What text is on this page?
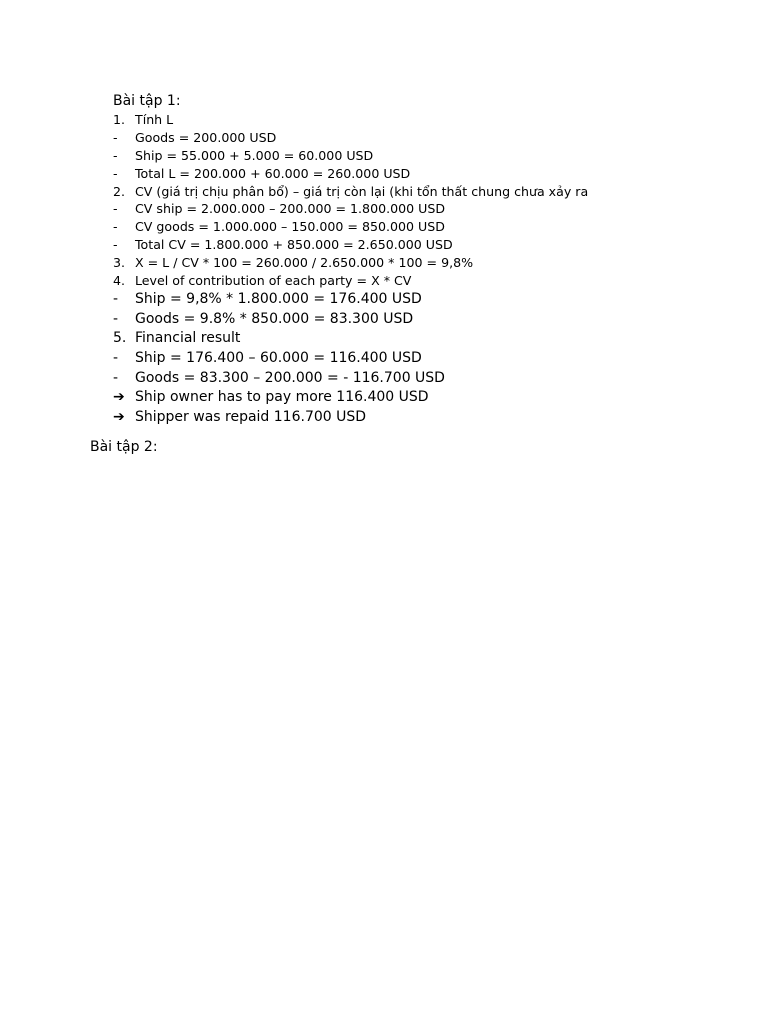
Bài tập 1:
1. Tính L
-	Goods = 200.000 USD
-	Ship = 55.000 + 5.000 = 60.000 USD
-	Total L = 200.000 + 60.000 = 260.000 USD
2. CV (giá trị chịu phân bổ) – giá trị còn lại (khi tổn thất chung chưa xảy ra
-	CV ship = 2.000.000 – 200.000 = 1.800.000 USD
-	CV goods = 1.000.000 – 150.000 = 850.000 USD
-	Total CV = 1.800.000 + 850.000 = 2.650.000 USD
3. X = L / CV * 100 = 260.000 / 2.650.000 * 100 = 9,8%
4. Level of contribution of each party = X * CV
-	Ship = 9,8% * 1.800.000 = 176.400 USD
-	Goods = 9.8% * 850.000 = 83.300 USD
5. Financial result
-	Ship = 176.400 – 60.000 = 116.400 USD
-	Goods = 83.300 – 200.000 = - 116.700 USD
➔ Ship owner has to pay more 116.400 USD
➔ Shipper was repaid 116.700 USD
Bài tập 2:
